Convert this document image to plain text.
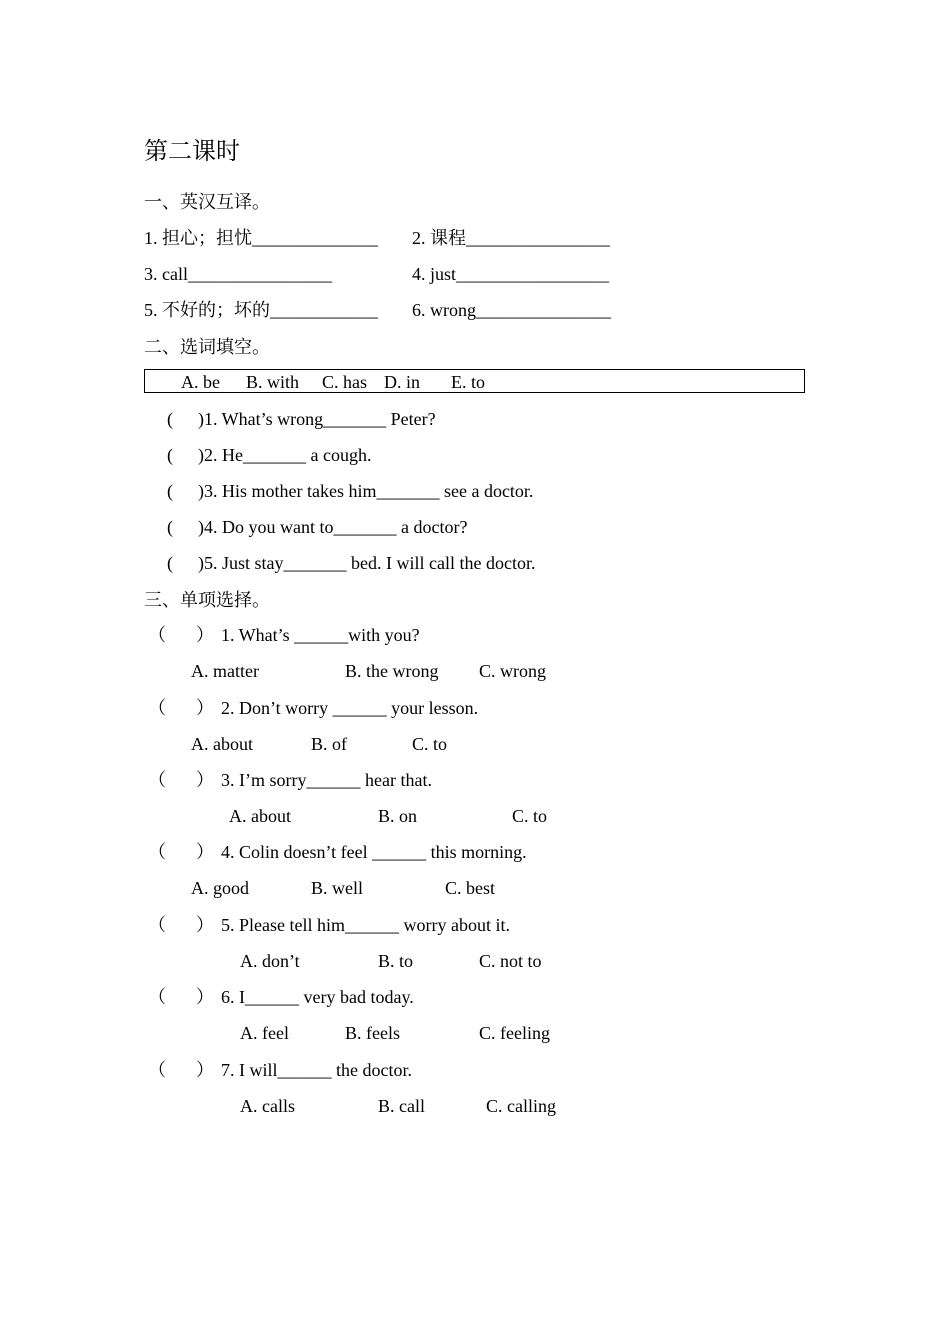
第二课时
一、英汉互译。
1. 担心；担忧______________ 2. 课程________________
3. call________________	4. just_________________
5. 不好的；坏的____________ 6. wrong_______________
二、选词填空。
A. be B. with C. has D. in E. to
( )1. What’s wrong_______ Peter?
( )2. He_______ a cough.
( )3. His mother takes him_______ see a doctor.
( )4. Do you want to_______ a doctor?
( )5. Just stay_______ bed. I will call the doctor.
三、单项选择。
（ ） 1. What’s ______with you?
A. matter	B. the wrong C. wrong
（ ） 2. Don’t worry ______ your lesson.
A. about	B. of	C. to
（ ） 3. I’m sorry______ hear that.
A. about	B. on	C. to
（ ） 4. Colin doesn’t feel ______ this morning.
A. good	B. well	C. best
（ ） 5. Please tell him______ worry about it.
A. don’t	B. to	C. not to
（ ） 6. I______ very bad today.
A. feel	B. feels	C. feeling
（ ） 7. I will______ the doctor.
A. calls	B. call	C. calling
